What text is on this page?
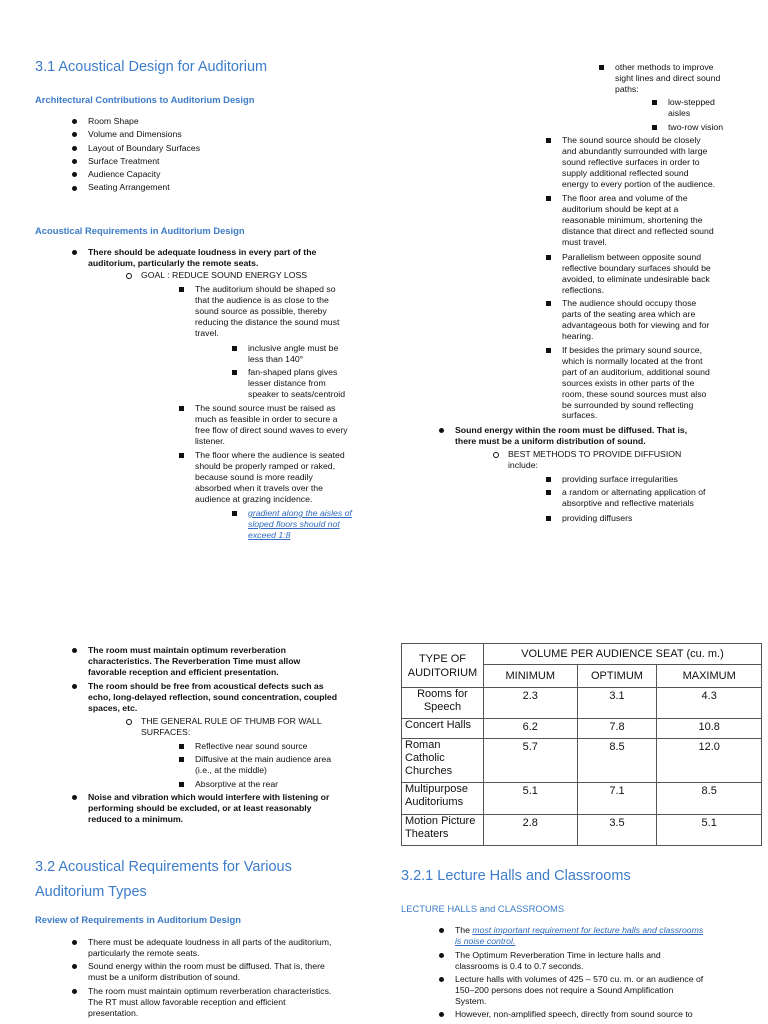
3.1 Acoustical Design for Auditorium
Architectural Contributions to Auditorium Design
Room Shape
Volume and Dimensions
Layout of Boundary Surfaces
Surface Treatment
Audience Capacity
Seating Arrangement
Acoustical Requirements in Auditorium Design
There should be adequate loudness in every part of the
auditorium, particularly the remote seats.
GOAL : REDUCE SOUND ENERGY LOSS
The auditorium should be shaped so
that the audience is as close to the
sound source as possible, thereby
reducing the distance the sound must
travel.
inclusive angle must be
less than 140°
fan-shaped plans gives
lesser distance from
speaker to seats/centroid
The sound source must be raised as
much as feasible in order to secure a
free flow of direct sound waves to every
listener.
The floor where the audience is seated
should be properly ramped or raked,
because sound is more readily
absorbed when it travels over the
audience at grazing incidence.
gradient along the aisles of
sloped floors should not
exceed 1:8
other methods to improve
sight lines and direct sound
paths:
low-stepped
aisles
two-row vision
The sound source should be closely
and abundantly surrounded with large
sound reflective surfaces in order to
supply additional reflected sound
energy to every portion of the audience.
The floor area and volume of the
auditorium should be kept at a
reasonable minimum, shortening the
distance that direct and reflected sound
must travel.
Parallelism between opposite sound
reflective boundary surfaces should be
avoided, to eliminate undesirable back
reflections.
The audience should occupy those
parts of the seating area which are
advantageous both for viewing and for
hearing.
If besides the primary sound source,
which is normally located at the front
part of an auditorium, additional sound
sources exists in other parts of the
room, these sound sources must also
be surrounded by sound reflecting
surfaces.
Sound energy within the room must be diffused. That is,
there must be a uniform distribution of sound.
BEST METHODS TO PROVIDE DIFFUSION
include:
providing surface irregularities
a random or alternating application of
absorptive and reflective materials
providing diffusers
The room must maintain optimum reverberation
characteristics. The Reverberation Time must allow
favorable reception and efficient presentation.
The room should be free from acoustical defects such as
echo, long-delayed reflection, sound concentration, coupled
spaces, etc.
THE GENERAL RULE OF THUMB FOR WALL
SURFACES:
Reflective near sound source
Diffusive at the main audience area
(i.e., at the middle)
Absorptive at the rear
Noise and vibration which would interfere with listening or
performing should be excluded, or at least reasonably
reduced to a minimum.
TYPE OF AUDITORIUM	VOLUME PER AUDIENCE SEAT (cu. m.)		
	MINIMUM	OPTIMUM	MAXIMUM
Rooms for Speech	2.3	3.1	4.3
Concert Halls	6.2	7.8	10.8
Roman Catholic Churches	5.7	8.5	12.0
Multipurpose Auditoriums	5.1	7.1	8.5
Motion Picture Theaters	2.8	3.5	5.1
3.2 Acoustical Requirements for Various
Auditorium Types
Review of Requirements in Auditorium Design
There must be adequate loudness in all parts of the auditorium,
particularly the remote seats.
Sound energy within the room must be diffused. That is, there
must be a uniform distribution of sound.
The room must maintain optimum reverberation characteristics.
The RT must allow favorable reception and efficient
presentation.
3.2.1 Lecture Halls and Classrooms
LECTURE HALLS and CLASSROOMS
The most important requirement for lecture halls and classrooms
is noise control.
The Optimum Reverberation Time in lecture halls and
classrooms is 0.4 to 0.7 seconds.
Lecture halls with volumes of 425 – 570 cu. m. or an audience of
150–200 persons does not require a Sound Amplification
System.
However, non-amplified speech, directly from sound source to
